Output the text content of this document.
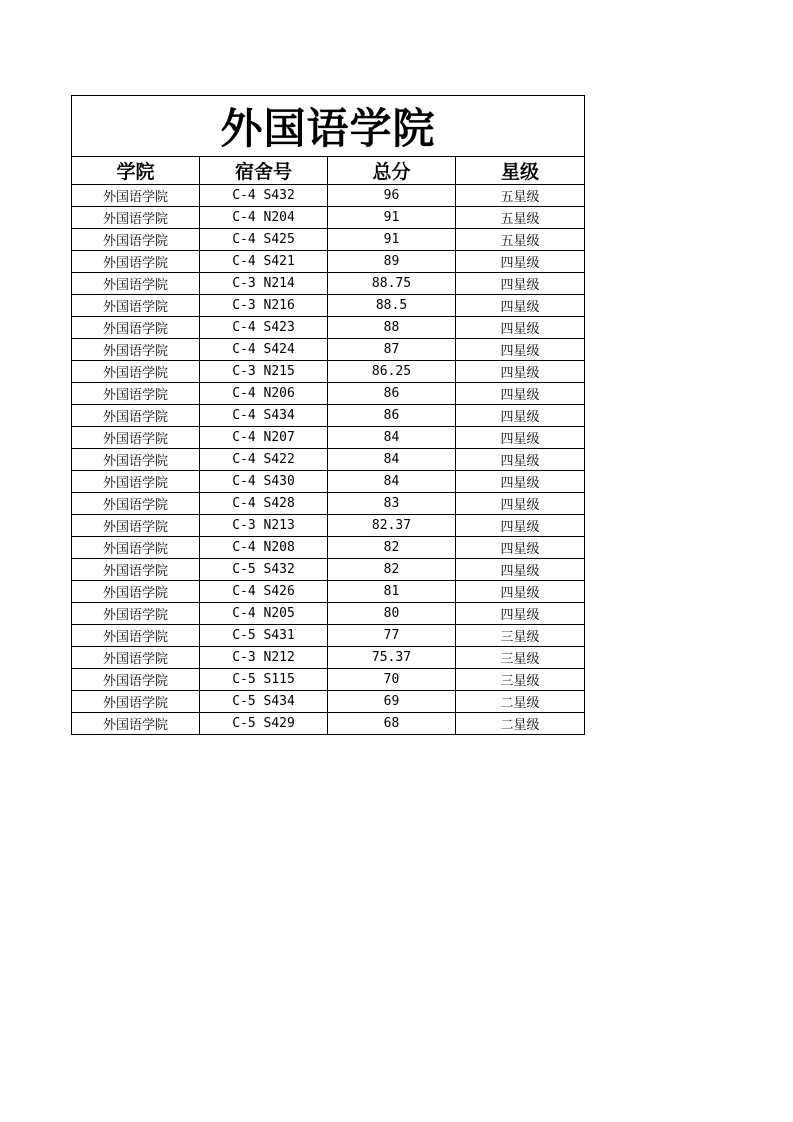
外国语学院			
学院	宿舍号	总分	星级
外国语学院	C-4 S432	96	五星级
外国语学院	C-4 N204	91	五星级
外国语学院	C-4 S425	91	五星级
外国语学院	C-4 S421	89	四星级
外国语学院	C-3 N214	88.75	四星级
外国语学院	C-3 N216	88.5	四星级
外国语学院	C-4 S423	88	四星级
外国语学院	C-4 S424	87	四星级
外国语学院	C-3 N215	86.25	四星级
外国语学院	C-4 N206	86	四星级
外国语学院	C-4 S434	86	四星级
外国语学院	C-4 N207	84	四星级
外国语学院	C-4 S422	84	四星级
外国语学院	C-4 S430	84	四星级
外国语学院	C-4 S428	83	四星级
外国语学院	C-3 N213	82.37	四星级
外国语学院	C-4 N208	82	四星级
外国语学院	C-5 S432	82	四星级
外国语学院	C-4 S426	81	四星级
外国语学院	C-4 N205	80	四星级
外国语学院	C-5 S431	77	三星级
外国语学院	C-3 N212	75.37	三星级
外国语学院	C-5 S115	70	三星级
外国语学院	C-5 S434	69	二星级
外国语学院	C-5 S429	68	二星级
